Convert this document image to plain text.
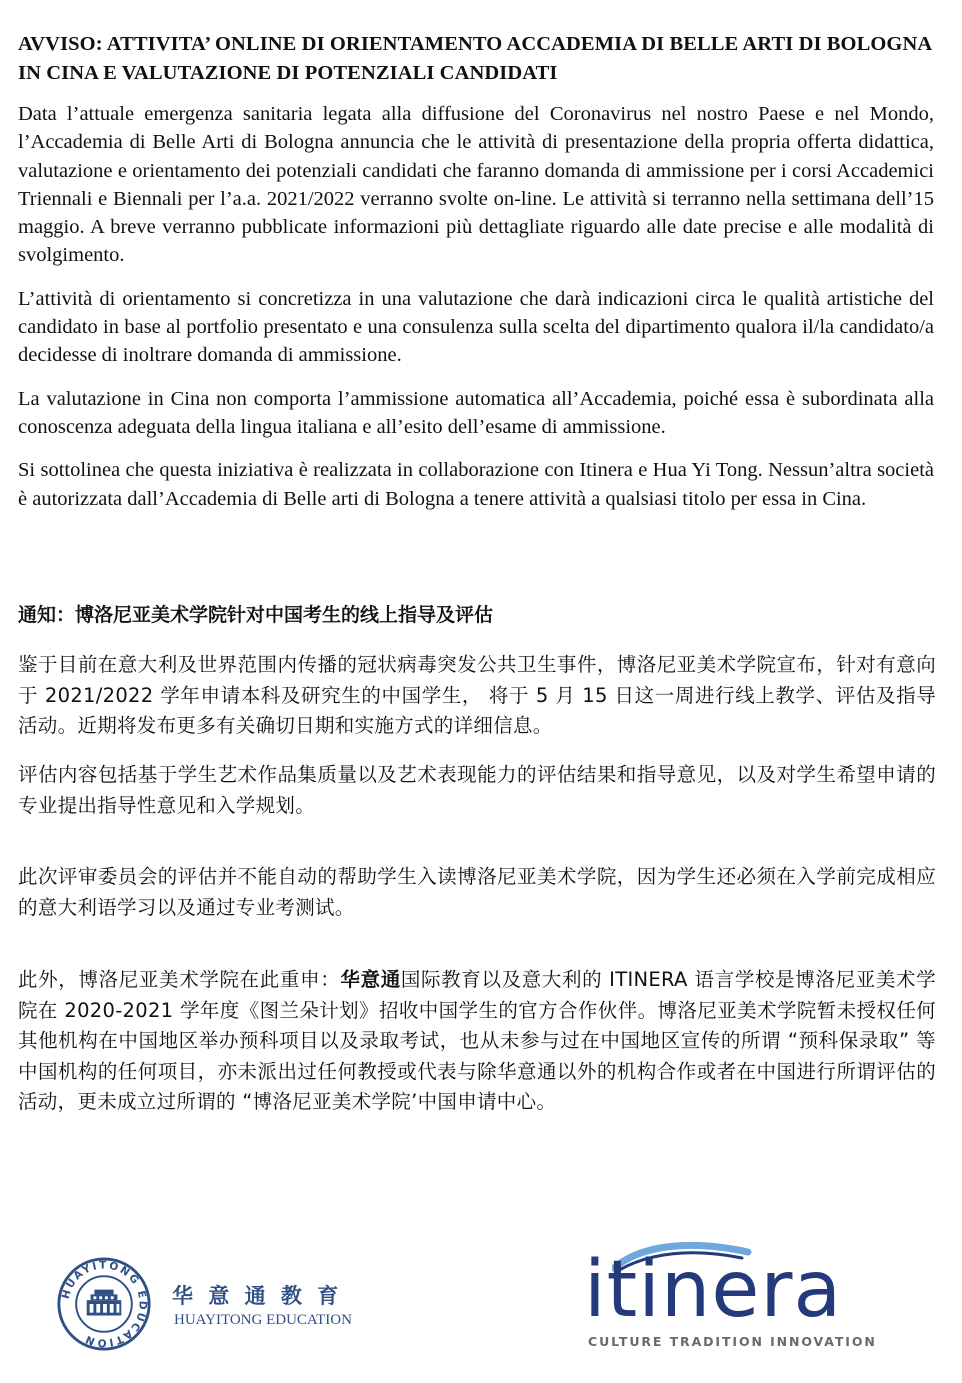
AVVISO: ATTIVITA’ ONLINE DI ORIENTAMENTO ACCADEMIA DI BELLE ARTI DI BOLOGNA IN CINA E VALUTAZIONE DI POTENZIALI CANDIDATI

Data l’attuale emergenza sanitaria legata alla diffusione del Coronavirus nel nostro Paese e nel Mondo, l’Accademia di Belle Arti di Bologna annuncia che le attività di presentazione della propria offerta didattica, valutazione e orientamento dei potenziali candidati che faranno domanda di ammissione per i corsi Accademici Triennali e Biennali per l’a.a. 2021/2022 verranno svolte on-line. Le attività si terranno nella settimana dell’15 maggio. A breve verranno pubblicate informazioni più dettagliate riguardo alle date precise e alle modalità di svolgimento.

L’attività di orientamento si concretizza in una valutazione che darà indicazioni circa le qualità artistiche del candidato in base al portfolio presentato e una consulenza sulla scelta del dipartimento qualora il/la candidato/a decidesse di inoltrare domanda di ammissione.

La valutazione in Cina non comporta l’ammissione automatica all’Accademia, poiché essa è subordinata alla conoscenza adeguata della lingua italiana e all’esito dell’esame di ammissione.

Si sottolinea che questa iniziativa è realizzata in collaborazione con Itinera e Hua Yi Tong. Nessun’altra società è autorizzata dall’Accademia di Belle arti di Bologna a tenere attività a qualsiasi titolo per essa in Cina.

通知：博洛尼亚美术学院针对中国考生的线上指导及评估

鉴于目前在意大利及世界范围内传播的冠状病毒突发公共卫生事件，博洛尼亚美术学院宣布，针对有意向于 2021/2022 学年申请本科及研究生的中国学生， 将于 5 月 15 日这一周进行线上教学、评估及指导活动。近期将发布更多有关确切日期和实施方式的详细信息。

评估内容包括基于学生艺术作品集质量以及艺术表现能力的评估结果和指导意见，以及对学生希望申请的专业提出指导性意见和入学规划。

此次评审委员会的评估并不能自动的帮助学生入读博洛尼亚美术学院，因为学生还必须在入学前完成相应的意大利语学习以及通过专业考测试。

此外，博洛尼亚美术学院在此重申：华意通国际教育以及意大利的 ITINERA 语言学校是博洛尼亚美术学院在 2020-2021 学年度《图兰朵计划》招收中国学生的官方合作伙伴。博洛尼亚美术学院暂未授权任何其他机构在中国地区举办预科项目以及录取考试，也从未参与过在中国地区宣传的所谓 “预科保录取” 等中国机构的任何项目，亦未派出过任何教授或代表与除华意通以外的机构合作或者在中国进行所谓评估的活动，更未成立过所谓的 “博洛尼亚美术学院’中国申请中心。

HUAYITONG EDUCATION
华 意 通 教 育
HUAYITONG EDUCATION	itinera
CULTURE TRADITION INNOVATION
